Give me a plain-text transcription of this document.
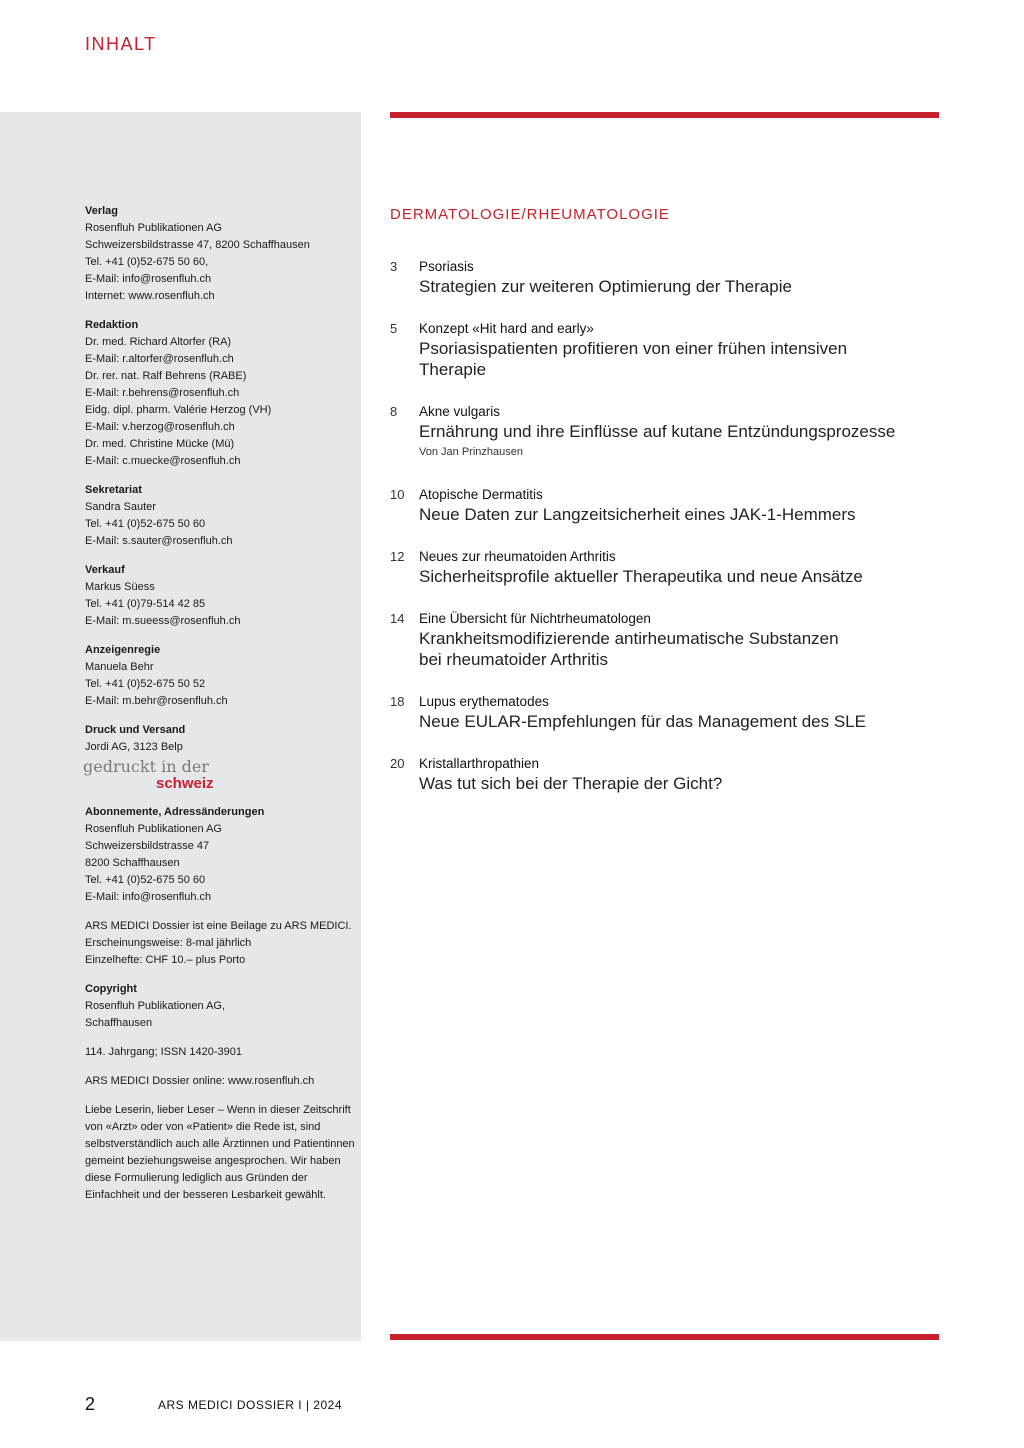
INHALT
Verlag
Rosenfluh Publikationen AG
Schweizersbildstrasse 47, 8200 Schaffhausen
Tel. +41 (0)52-675 50 60,
E-Mail: info@rosenfluh.ch
Internet: www.rosenfluh.ch
Redaktion
Dr. med. Richard Altorfer (RA)
E-Mail: r.altorfer@rosenfluh.ch
Dr. rer. nat. Ralf Behrens (RABE)
E-Mail: r.behrens@rosenfluh.ch
Eidg. dipl. pharm. Valérie Herzog (VH)
E-Mail: v.herzog@rosenfluh.ch
Dr. med. Christine Mücke (Mü)
E-Mail: c.muecke@rosenfluh.ch
Sekretariat
Sandra Sauter
Tel. +41 (0)52-675 50 60
E-Mail: s.sauter@rosenfluh.ch
Verkauf
Markus Süess
Tel. +41 (0)79-514 42 85
E-Mail: m.sueess@rosenfluh.ch
Anzeigenregie
Manuela Behr
Tel. +41 (0)52-675 50 52
E-Mail: m.behr@rosenfluh.ch
Druck und Versand
Jordi AG, 3123 Belp
gedruckt in der
schweiz
Abonnemente, Adressänderungen
Rosenfluh Publikationen AG
Schweizersbildstrasse 47
8200 Schaffhausen
Tel. +41 (0)52-675 50 60
E-Mail: info@rosenfluh.ch
ARS MEDICI Dossier ist eine Beilage zu ARS MEDICI.
Erscheinungsweise: 8-mal jährlich
Einzelhefte: CHF 10.– plus Porto
Copyright
Rosenfluh Publikationen AG,
Schaffhausen
114. Jahrgang; ISSN 1420-3901
ARS MEDICI Dossier online: www.rosenfluh.ch
Liebe Leserin, lieber Leser – Wenn in dieser Zeitschrift von «Arzt» oder von «Patient» die Rede ist, sind selbstverständlich auch alle Ärztinnen und Patientinnen gemeint beziehungsweise angesprochen. Wir haben diese Formulierung lediglich aus Gründen der Einfachheit und der besseren Lesbarkeit gewählt.
DERMATOLOGIE/RHEUMATOLOGIE
3 Psoriasis
Strategien zur weiteren Optimierung der Therapie
5 Konzept «Hit hard and early»
Psoriasispatienten profitieren von einer frühen intensiven
Therapie
8 Akne vulgaris
Ernährung und ihre Einflüsse auf kutane Entzündungsprozesse
Von Jan Prinzhausen
10 Atopische Dermatitis
Neue Daten zur Langzeitsicherheit eines JAK-1-Hemmers
12 Neues zur rheumatoiden Arthritis
Sicherheitsprofile aktueller Therapeutika und neue Ansätze
14 Eine Übersicht für Nichtrheumatologen
Krankheitsmodifizierende antirheumatische Substanzen
bei rheumatoider Arthritis
18 Lupus erythematodes
Neue EULAR-Empfehlungen für das Management des SLE
20 Kristallarthropathien
Was tut sich bei der Therapie der Gicht?
2	ARS MEDICI DOSSIER I | 2024
